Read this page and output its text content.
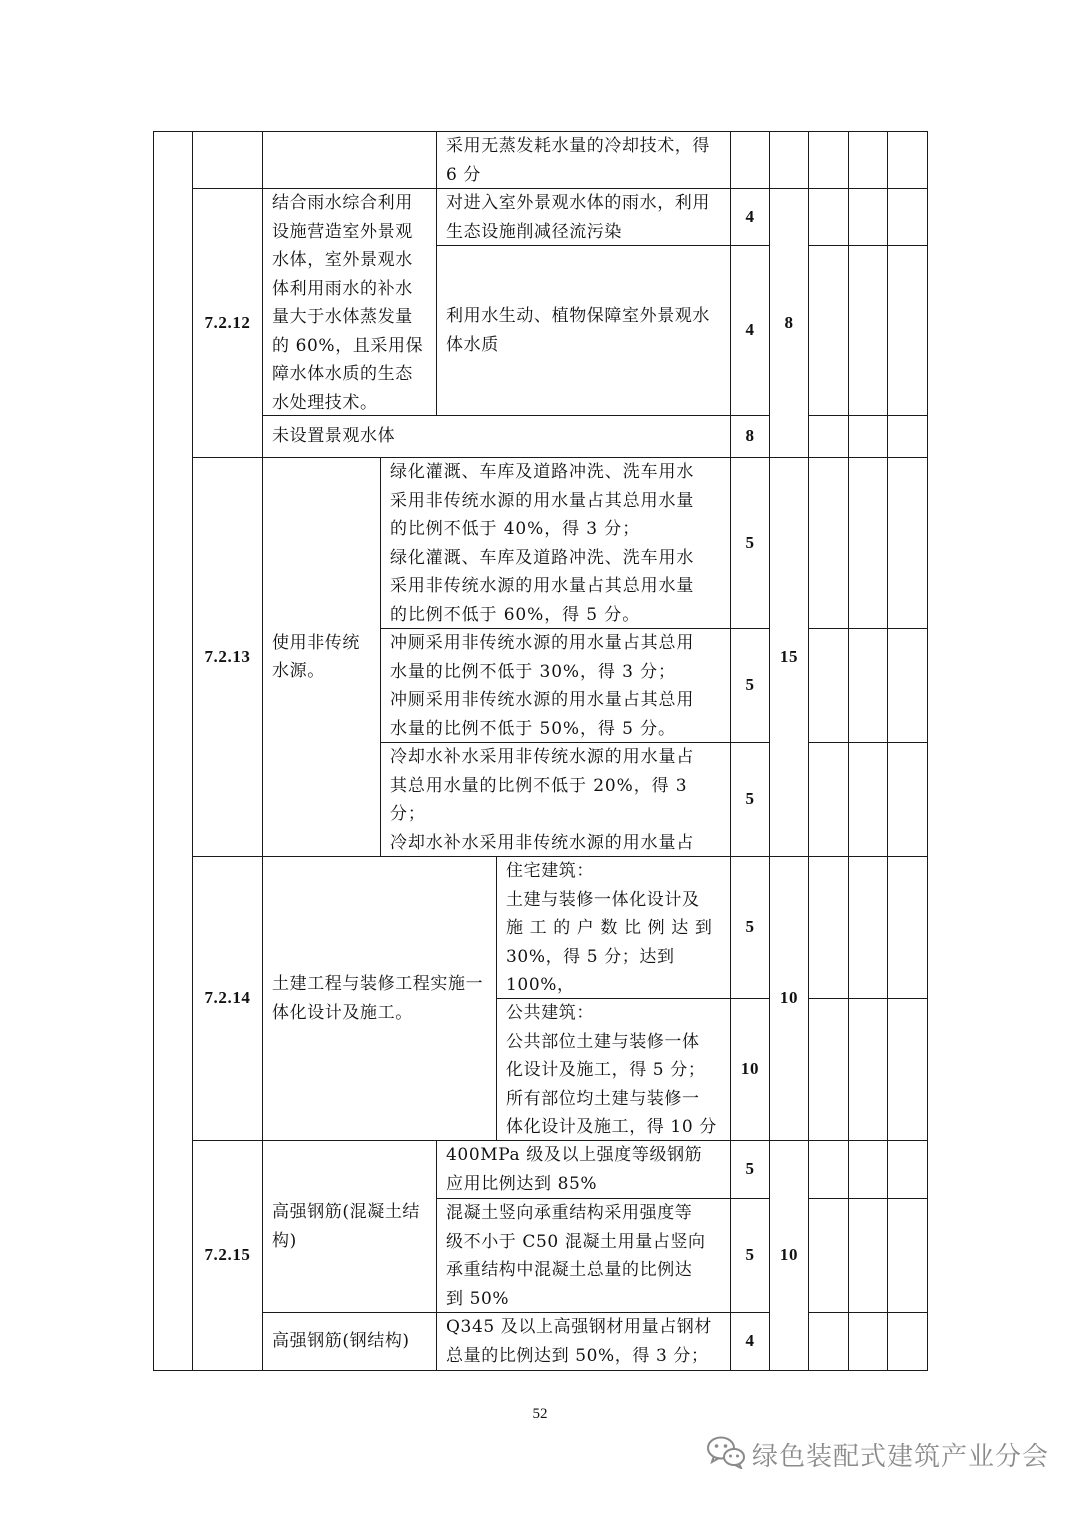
采用无蒸发耗水量的冷却技术，得 6 分
7.2.12
结合雨水综合利用设施营造室外景观水体，室外景观水体利用雨水的补水量大于水体蒸发量的 60%，且采用保障水体水质的生态水处理技术。
对进入室外景观水体的雨水，利用生态设施削减径流污染
4
利用水生动、植物保障室外景观水体水质
4
未设置景观水体	8
8
7.2.13
使用非传统水源。
绿化灌溉、车库及道路冲洗、洗车用水
采用非传统水源的用水量占其总用水量
的比例不低于 40%，得 3 分；
绿化灌溉、车库及道路冲洗、洗车用水
采用非传统水源的用水量占其总用水量
的比例不低于 60%，得 5 分。
5
冲厕采用非传统水源的用水量占其总用
水量的比例不低于 30%，得 3 分；
冲厕采用非传统水源的用水量占其总用
水量的比例不低于 50%，得 5 分。
5
冷却水补水采用非传统水源的用水量占
其总用水量的比例不低于 20%，得 3 分；
冷却水补水采用非传统水源的用水量占
5
15
7.2.14
土建工程与装修工程实施一体化设计及施工。
住宅建筑：
土建与装修一体化设计及
施 工 的 户 数 比 例 达 到
30%，得 5 分；达到 100%，
5
公共建筑：
公共部位土建与装修一体
化设计及施工，得 5 分；
所有部位均土建与装修一
体化设计及施工，得 10 分
10
10
7.2.15
高强钢筋(混凝土结构)
高强钢筋(钢结构)
400MPa 级及以上强度等级钢筋
应用比例达到 85%
5
混凝土竖向承重结构采用强度等
级不小于 C50 混凝土用量占竖向
承重结构中混凝土总量的比例达
到 50%
5
Q345 及以上高强钢材用量占钢材
总量的比例达到 50%，得 3 分；
4
10
52
绿色装配式建筑产业分会
